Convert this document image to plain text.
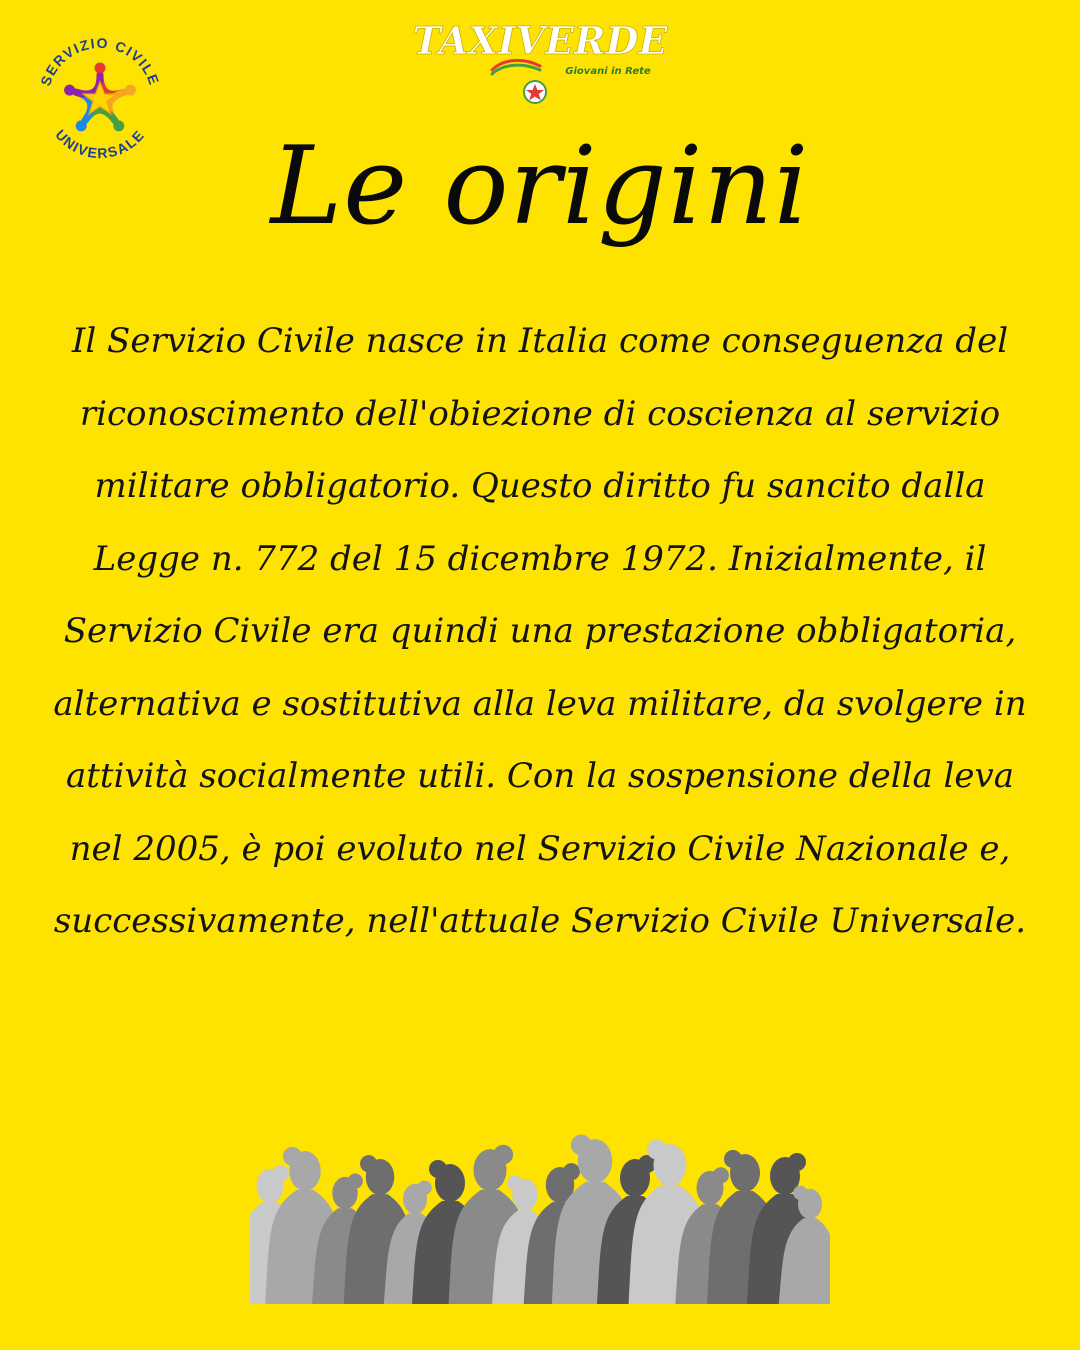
SERVIZIO CIVILE
UNIVERSALE
TAXIVERDE
Giovani in Rete
Le origini
Il Servizio Civile nasce in Italia come conseguenza del riconoscimento dell'obiezione di coscienza al servizio militare obbligatorio. Questo diritto fu sancito dalla Legge n. 772 del 15 dicembre 1972. Inizialmente, il Servizio Civile era quindi una prestazione obbligatoria, alternativa e sostitutiva alla leva militare, da svolgere in attività socialmente utili. Con la sospensione della leva nel 2005, è poi evoluto nel Servizio Civile Nazionale e, successivamente, nell'attuale Servizio Civile Universale.
